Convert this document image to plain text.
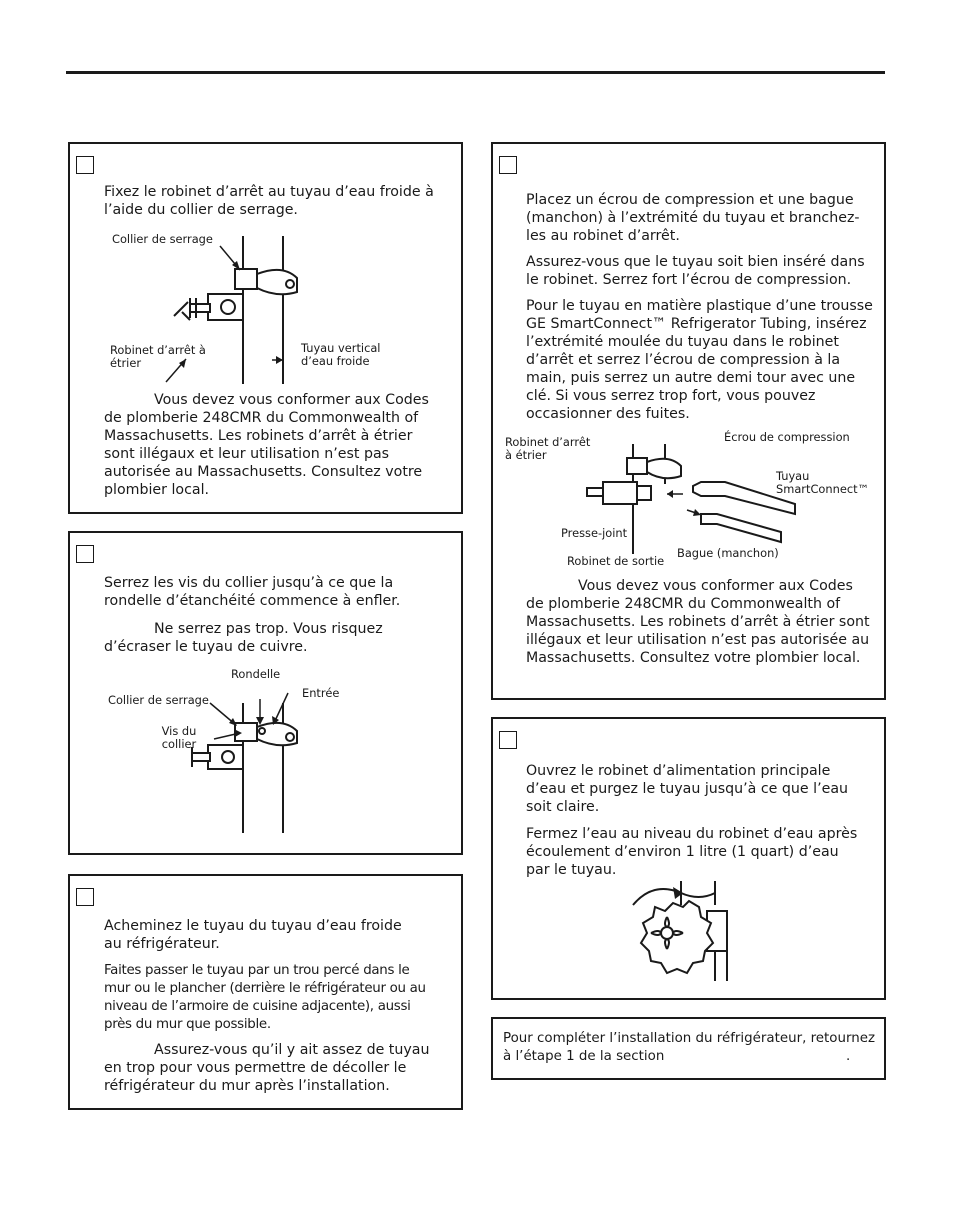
Fixez le robinet d’arrêt au tuyau d’eau froide à l’aide du collier de serrage.

Collier de serrage
Robinet d’arrêt à étrier
Tuyau vertical d’eau froide

Vous devez vous conformer aux Codes de plomberie 248CMR du Commonwealth of Massachusetts. Les robinets d’arrêt à étrier sont illégaux et leur utilisation n’est pas autorisée au Massachusetts. Consultez votre plombier local.

Serrez les vis du collier jusqu’à ce que la rondelle d’étanchéité commence à enfler.

Ne serrez pas trop. Vous risquez d’écraser le tuyau de cuivre.

Rondelle
Entrée
Collier de serrage
Vis du collier

Acheminez le tuyau du tuyau d’eau froide au réfrigérateur.

Faites passer le tuyau par un trou percé dans le mur ou le plancher (derrière le réfrigérateur ou au niveau de l’armoire de cuisine adjacente), aussi près du mur que possible.

Assurez-vous qu’il y ait assez de tuyau en trop pour vous permettre de décoller le réfrigérateur du mur après l’installation.

Placez un écrou de compression et une bague (manchon) à l’extrémité du tuyau et branchez-les au robinet d’arrêt.

Assurez-vous que le tuyau soit bien inséré dans le robinet. Serrez fort l’écrou de compression.

Pour le tuyau en matière plastique d’une trousse GE SmartConnect™ Refrigerator Tubing, insérez l’extrémité moulée du tuyau dans le robinet d’arrêt et serrez l’écrou de compression à la main, puis serrez un autre demi tour avec une clé. Si vous serrez trop fort, vous pouvez occasionner des fuites.

Robinet d’arrêt à étrier
Écrou de compression
Tuyau SmartConnect™
Presse-joint
Robinet de sortie
Bague (manchon)

Vous devez vous conformer aux Codes de plomberie 248CMR du Commonwealth of Massachusetts. Les robinets d’arrêt à étrier sont illégaux et leur utilisation n’est pas autorisée au Massachusetts. Consultez votre plombier local.

Ouvrez le robinet d’alimentation principale d’eau et purgez le tuyau jusqu’à ce que l’eau soit claire.

Fermez l’eau au niveau du robinet d’eau après écoulement d’environ 1 litre (1 quart) d’eau par le tuyau.

Pour compléter l’installation du réfrigérateur, retournez

à l’étape 1 de la section	.
